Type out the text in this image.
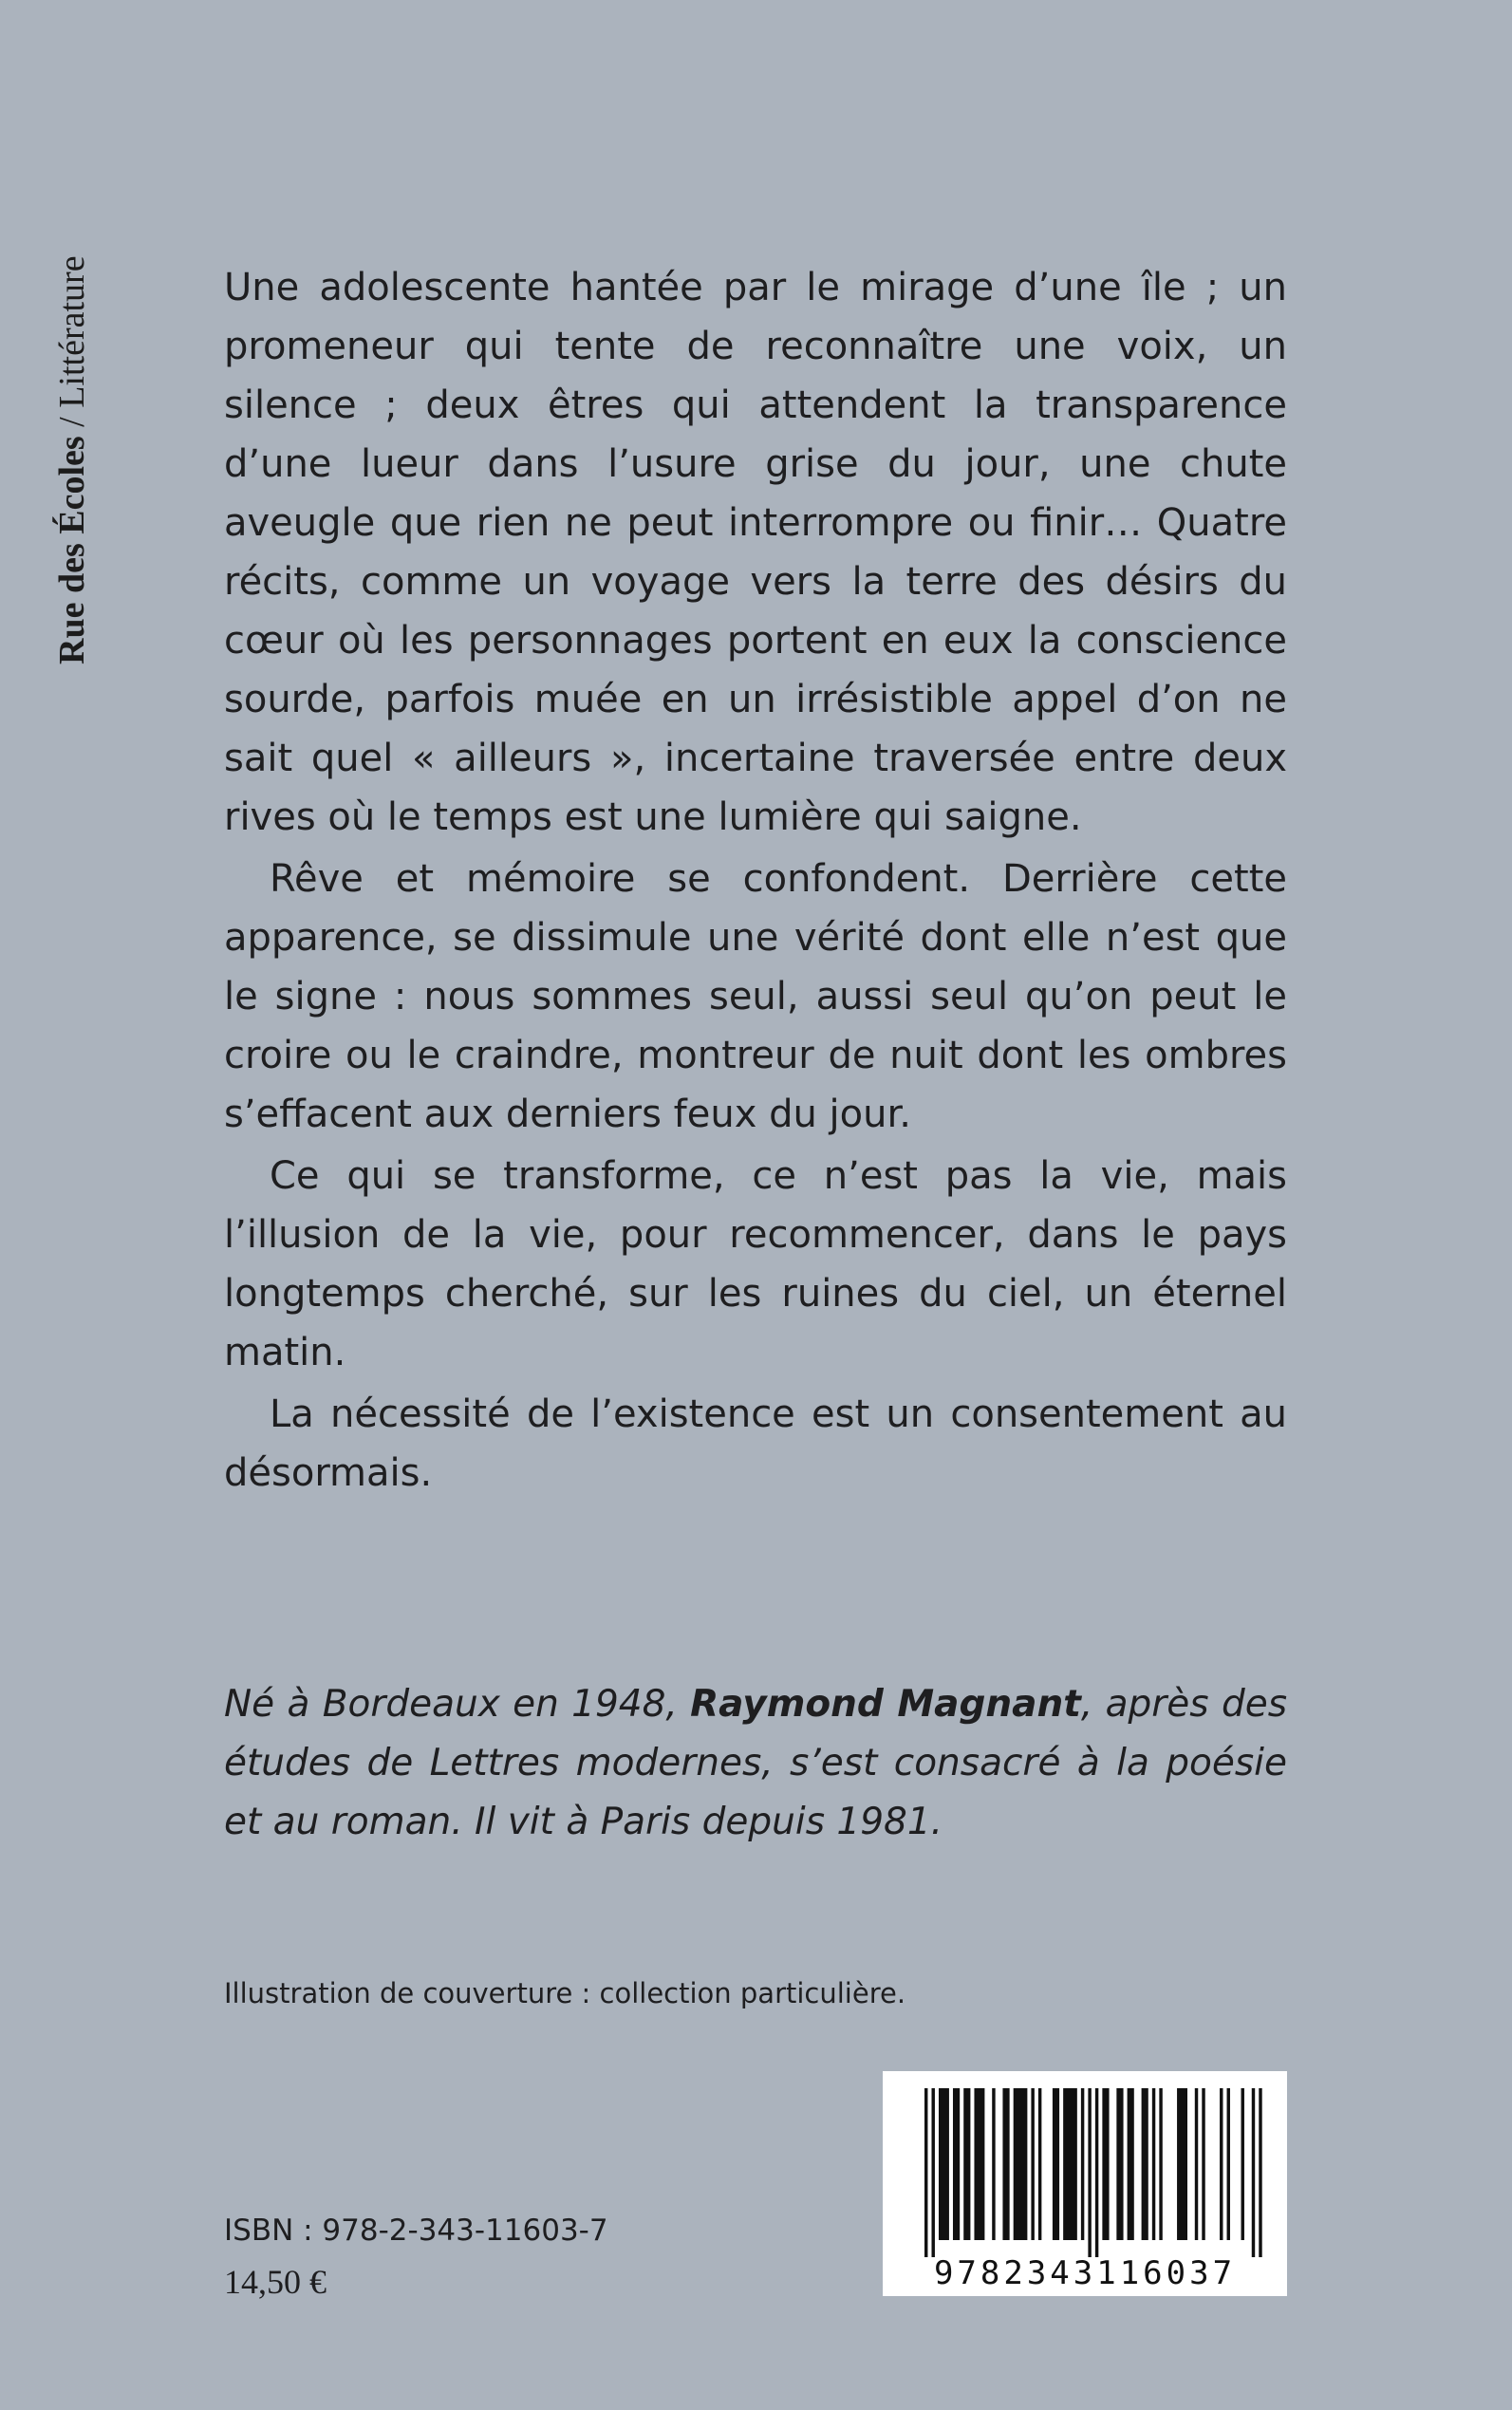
Rue des Écoles / Littérature	Une adolescente hantée par le mirage d’une île ; un promeneur qui tente de reconnaître une voix, un silence ; deux êtres qui attendent la transparence d’une lueur dans l’usure grise du jour, une chute aveugle que rien ne peut interrompre ou finir… Quatre récits, comme un voyage vers la terre des désirs du cœur où les personnages portent en eux la conscience sourde, parfois muée en un irrésistible appel d’on ne sait quel « ailleurs », incertaine traversée entre deux rives où le temps est une lumière qui saigne.

Rêve et mémoire se confondent. Derrière cette apparence, se dissimule une vérité dont elle n’est que le signe : nous sommes seul, aussi seul qu’on peut le croire ou le craindre, montreur de nuit dont les ombres s’effacent aux derniers feux du jour.

Ce qui se transforme, ce n’est pas la vie, mais l’illusion de la vie, pour recommencer, dans le pays longtemps cherché, sur les ruines du ciel, un éternel matin.

La nécessité de l’existence est un consentement au désormais.

Né à Bordeaux en 1948, Raymond Magnant, après des études de Lettres modernes, s’est consacré à la poésie et au roman. Il vit à Paris depuis 1981.
Illustration de couverture : collection particulière.
ISBN : 978-2-343-11603-7
14,50 €	9782343116037
